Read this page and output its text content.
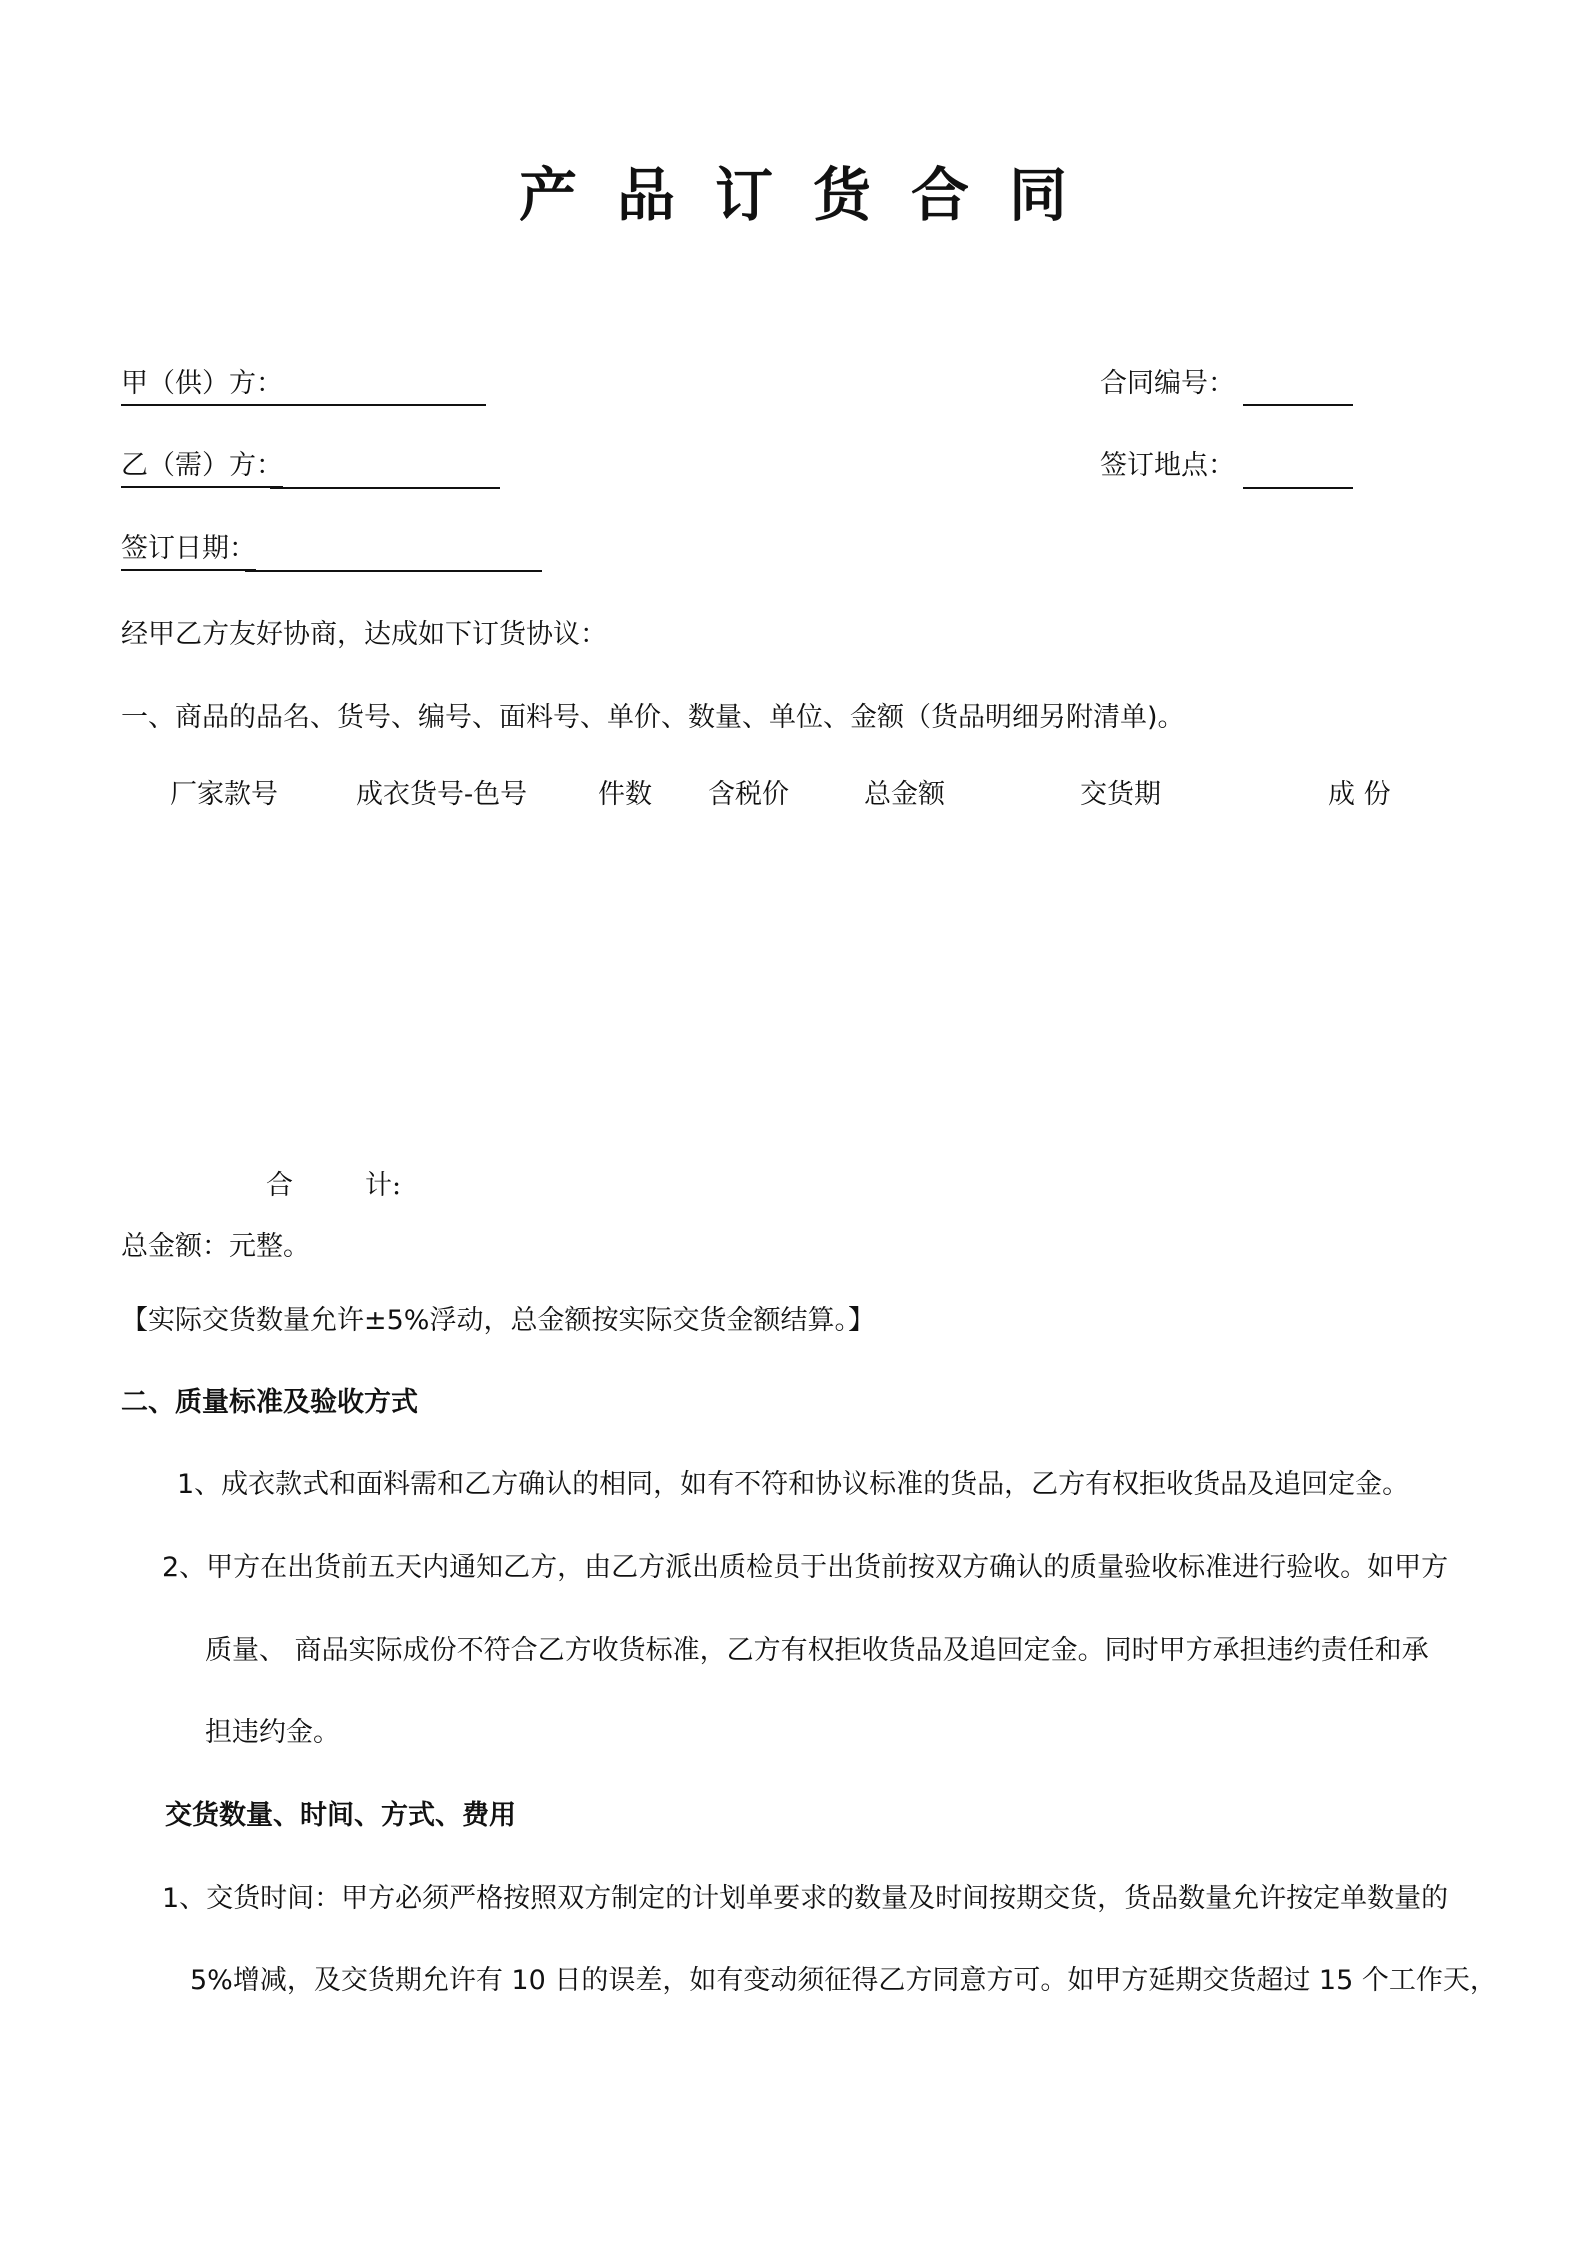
产品订货合同
甲（供）方：	合同编号：
乙（需）方：	签订地点：
签订日期：
经甲乙方友好协商，达成如下订货协议：
一、商品的品名、货号、编号、面料号、单价、数量、单位、金额（货品明细另附清单)。
厂家款号	成衣货号-色号	件数 含税价	总金额	交货期	成 份
合	计:
总金额：元整。
【实际交货数量允许±5%浮动，总金额按实际交货金额结算。】
二、质量标准及验收方式
1、成衣款式和面料需和乙方确认的相同，如有不符和协议标准的货品，乙方有权拒收货品及追回定金。
2、甲方在出货前五天内通知乙方，由乙方派出质检员于出货前按双方确认的质量验收标准进行验收。如甲方
质量、 商品实际成份不符合乙方收货标准，乙方有权拒收货品及追回定金。同时甲方承担违约责任和承
担违约金。
交货数量、时间、方式、费用
1、交货时间：甲方必须严格按照双方制定的计划单要求的数量及时间按期交货，货品数量允许按定单数量的
5%增减，及交货期允许有 10 日的误差，如有变动须征得乙方同意方可。如甲方延期交货超过 15 个工作天，
